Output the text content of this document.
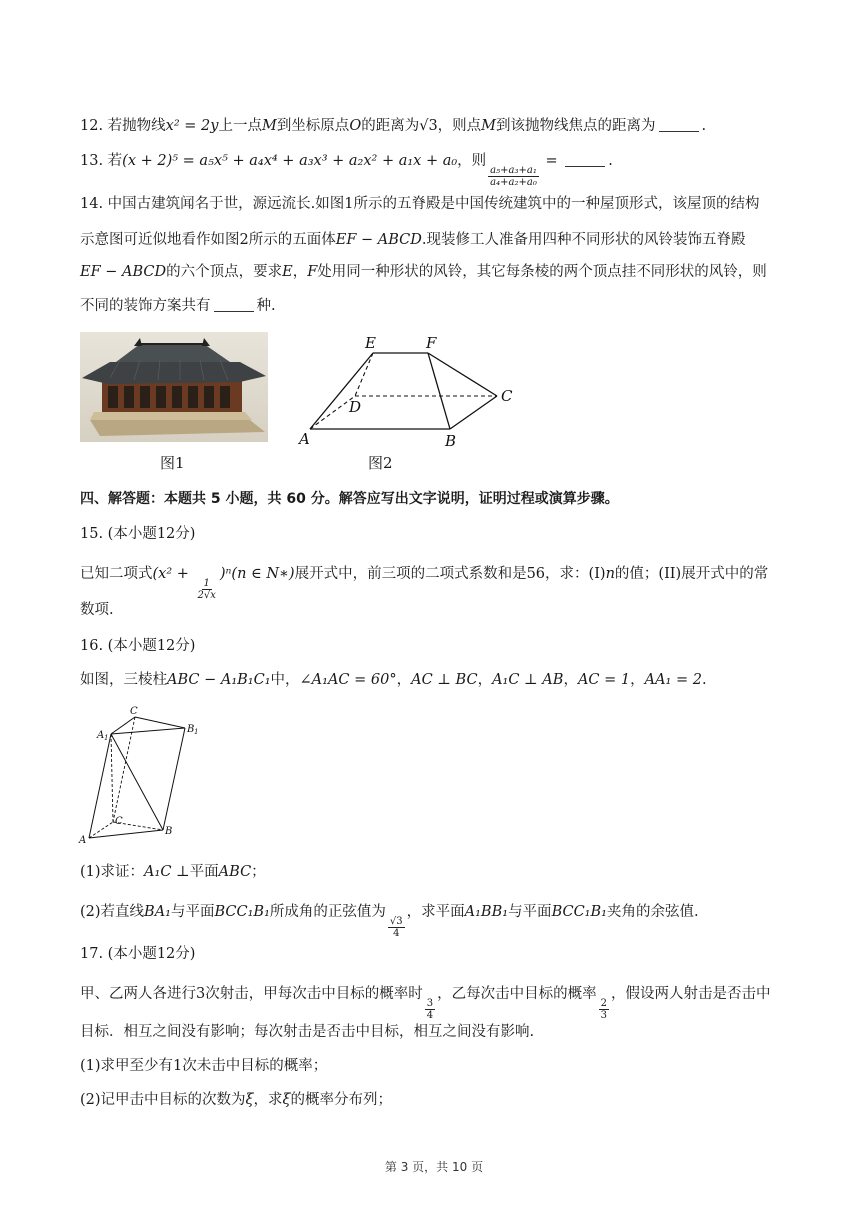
12. 若抛物线x² = 2y上一点M到坐标原点O的距离为√3，则点M到该抛物线焦点的距离为	.
13. 若(x + 2)⁵ = a₅x⁵ + a₄x⁴ + a₃x³ + a₂x² + a₁x + a₀，则
$\frac{\text{a₅+a₃+a₁}}{\text{a₄+a₂+a₀}}$
=	.
14. 中国古建筑闻名于世，源远流长.如图1所示的五脊殿是中国传统建筑中的一种屋顶形式，该屋顶的结构
示意图可近似地看作如图2所示的五面体EF − ABCD.现装修工人准备用四种不同形状的风铃装饰五脊殿
EF − ABCD的六个顶点，要求E，F处用同一种形状的风铃，其它每条棱的两个顶点挂不同形状的风铃，则
不同的装饰方案共有	种.
图1
E	F
C
D
A	B
图2
四、解答题：本题共 5 小题，共 60 分。解答应写出文字说明，证明过程或演算步骤。
15. (本小题12分)
已知二项式(x² +
$\frac{1}{2√x}$
)ⁿ(n ∈ N∗)展开式中，前三项的二项式系数和是56，求：(I)n的值；(II)展开式中的常
数项.
16. (本小题12分)
如图，三棱柱ABC − A₁B₁C₁中，∠A₁AC = 60°，AC ⊥ BC，A₁C ⊥ AB，AC = 1，AA₁ = 2.
C
A 1
B 1
C
A
B
(1)求证：A₁C ⊥平面ABC；
(2)若直线BA₁与平面BCC₁B₁所成角的正弦值为
$\frac{√3}{4}$
，求平面A₁BB₁与平面BCC₁B₁夹角的余弦值.
17. (本小题12分)
甲、乙两人各进行3次射击，甲每次击中目标的概率时
$\frac{3}{4}$
，乙每次击中目标的概率
$\frac{2}{3}$
，假设两人射击是否击中
目标．相互之间没有影响；每次射击是否击中目标，相互之间没有影响.
(1)求甲至少有1次未击中目标的概率；
(2)记甲击中目标的次数为ξ，求ξ的概率分布列；
第 3 页，共 10 页
